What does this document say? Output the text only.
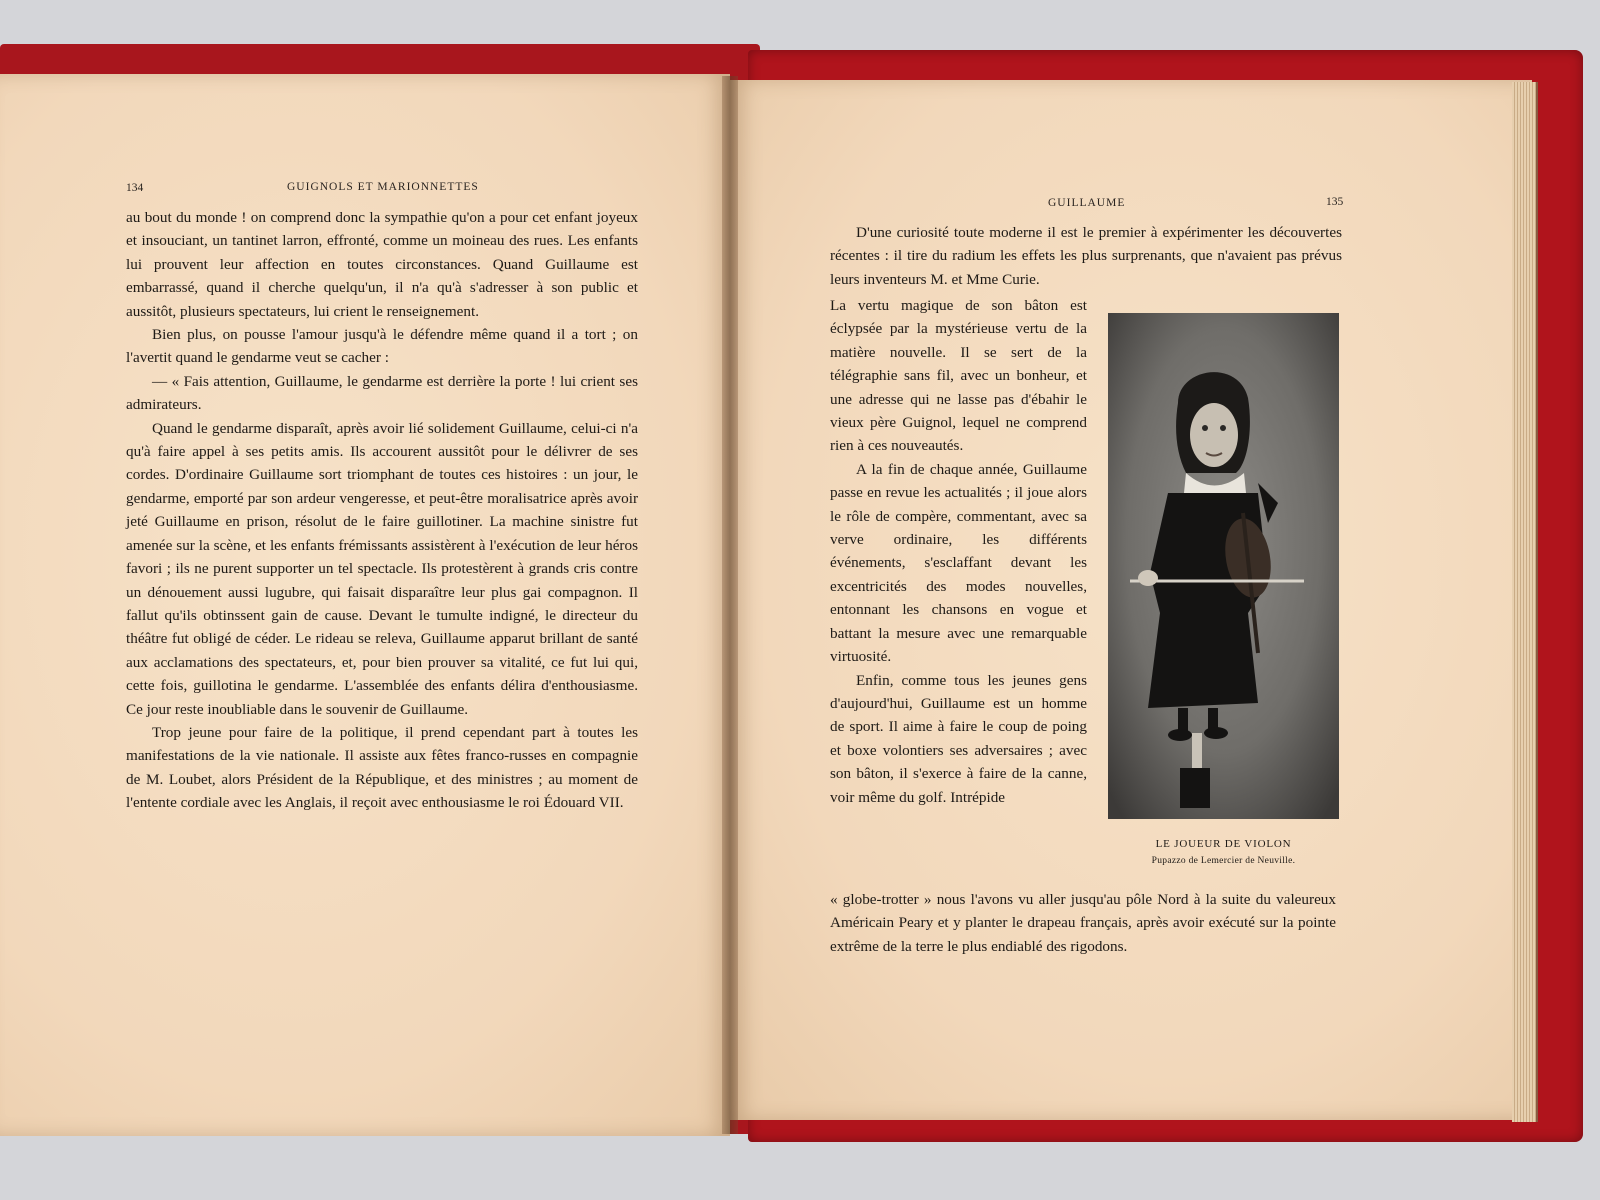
134	GUIGNOLS ET MARIONNETTES

au bout du monde ! on comprend donc la sympathie qu'on a pour cet enfant joyeux et insouciant, un tantinet larron, effronté, comme un moineau des rues. Les enfants lui prouvent leur affection en toutes circonstances. Quand Guillaume est embarrassé, quand il cherche quelqu'un, il n'a qu'à s'adresser à son public et aussitôt, plusieurs spectateurs, lui crient le renseignement.

Bien plus, on pousse l'amour jusqu'à le défendre même quand il a tort ; on l'avertit quand le gendarme veut se cacher :

— « Fais attention, Guillaume, le gendarme est derrière la porte ! lui crient ses admirateurs.

Quand le gendarme disparaît, après avoir lié solidement Guillaume, celui-ci n'a qu'à faire appel à ses petits amis. Ils accourent aussitôt pour le délivrer de ses cordes. D'ordinaire Guillaume sort triomphant de toutes ces histoires : un jour, le gendarme, emporté par son ardeur vengeresse, et peut-être moralisatrice après avoir jeté Guillaume en prison, résolut de le faire guillotiner. La machine sinistre fut amenée sur la scène, et les enfants frémissants assistèrent à l'exécution de leur héros favori ; ils ne purent supporter un tel spectacle. Ils protestèrent à grands cris contre un dénouement aussi lugubre, qui faisait disparaître leur plus gai compagnon. Il fallut qu'ils obtinssent gain de cause. Devant le tumulte indigné, le directeur du théâtre fut obligé de céder. Le rideau se releva, Guillaume apparut brillant de santé aux acclamations des spectateurs, et, pour bien prouver sa vitalité, ce fut lui qui, cette fois, guillotina le gendarme. L'assemblée des enfants délira d'enthousiasme. Ce jour reste inoubliable dans le souvenir de Guillaume.

Trop jeune pour faire de la politique, il prend cependant part à toutes les manifestations de la vie nationale. Il assiste aux fêtes franco-russes en compagnie de M. Loubet, alors Président de la République, et des ministres ; au moment de l'entente cordiale avec les Anglais, il reçoit avec enthousiasme le roi Édouard VII.

GUILLAUME	135

D'une curiosité toute moderne il est le premier à expérimenter les découvertes récentes : il tire du radium les effets les plus surprenants, que n'avaient pas prévus leurs inventeurs M. et Mme Curie.

La vertu magique de son bâton est éclypsée par la mystérieuse vertu de la matière nouvelle. Il se sert de la télégraphie sans fil, avec un bonheur, et une adresse qui ne lasse pas d'ébahir le vieux père Guignol, lequel ne comprend rien à ces nouveautés.

A la fin de chaque année, Guillaume passe en revue les actualités ; il joue alors le rôle de compère, commentant, avec sa verve ordinaire, les différents événements, s'esclaffant devant les excentricités des modes nouvelles, entonnant les chansons en vogue et battant la mesure avec une remarquable virtuosité.

Enfin, comme tous les jeunes gens d'aujourd'hui, Guillaume est un homme de sport. Il aime à faire le coup de poing et boxe volontiers ses adversaires ; avec son bâton, il s'exerce à faire de la canne, voir même du golf. Intrépide

« globe-trotter » nous l'avons vu aller jusqu'au pôle Nord à la suite du valeureux Américain Peary et y planter le drapeau français, après avoir exécuté sur la pointe extrême de la terre le plus endiablé des rigodons.

LE JOUEUR DE VIOLON
Pupazzo de Lemercier de Neuville.
